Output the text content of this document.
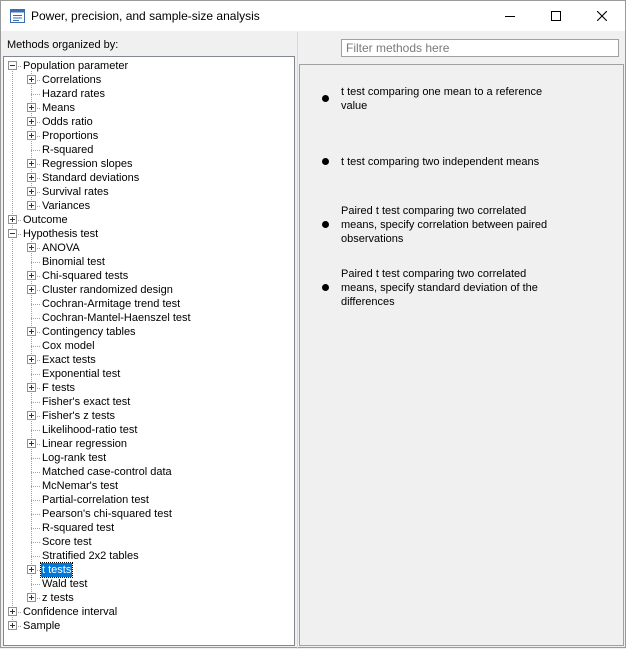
Power, precision, and sample-size analysis
Methods organized by:
Population parameter
Correlations
Hazard rates
Means
Odds ratio
Proportions
R-squared
Regression slopes
Standard deviations
Survival rates
Variances
Outcome
Hypothesis test
ANOVA
Binomial test
Chi-squared tests
Cluster randomized design
Cochran-Armitage trend test
Cochran-Mantel-Haenszel test
Contingency tables
Cox model
Exact tests
Exponential test
F tests
Fisher's exact test
Fisher's z tests
Likelihood-ratio test
Linear regression
Log-rank test
Matched case-control data
McNemar's test
Partial-correlation test
Pearson's chi-squared test
R-squared test
Score test
Stratified 2x2 tables
t tests
Wald test
z tests
Confidence interval
Sample
Filter methods here
t test comparing one mean to a reference value
t test comparing two independent means
Paired t test comparing two correlated means, specify correlation between paired observations
Paired t test comparing two correlated means, specify standard deviation of the differences
